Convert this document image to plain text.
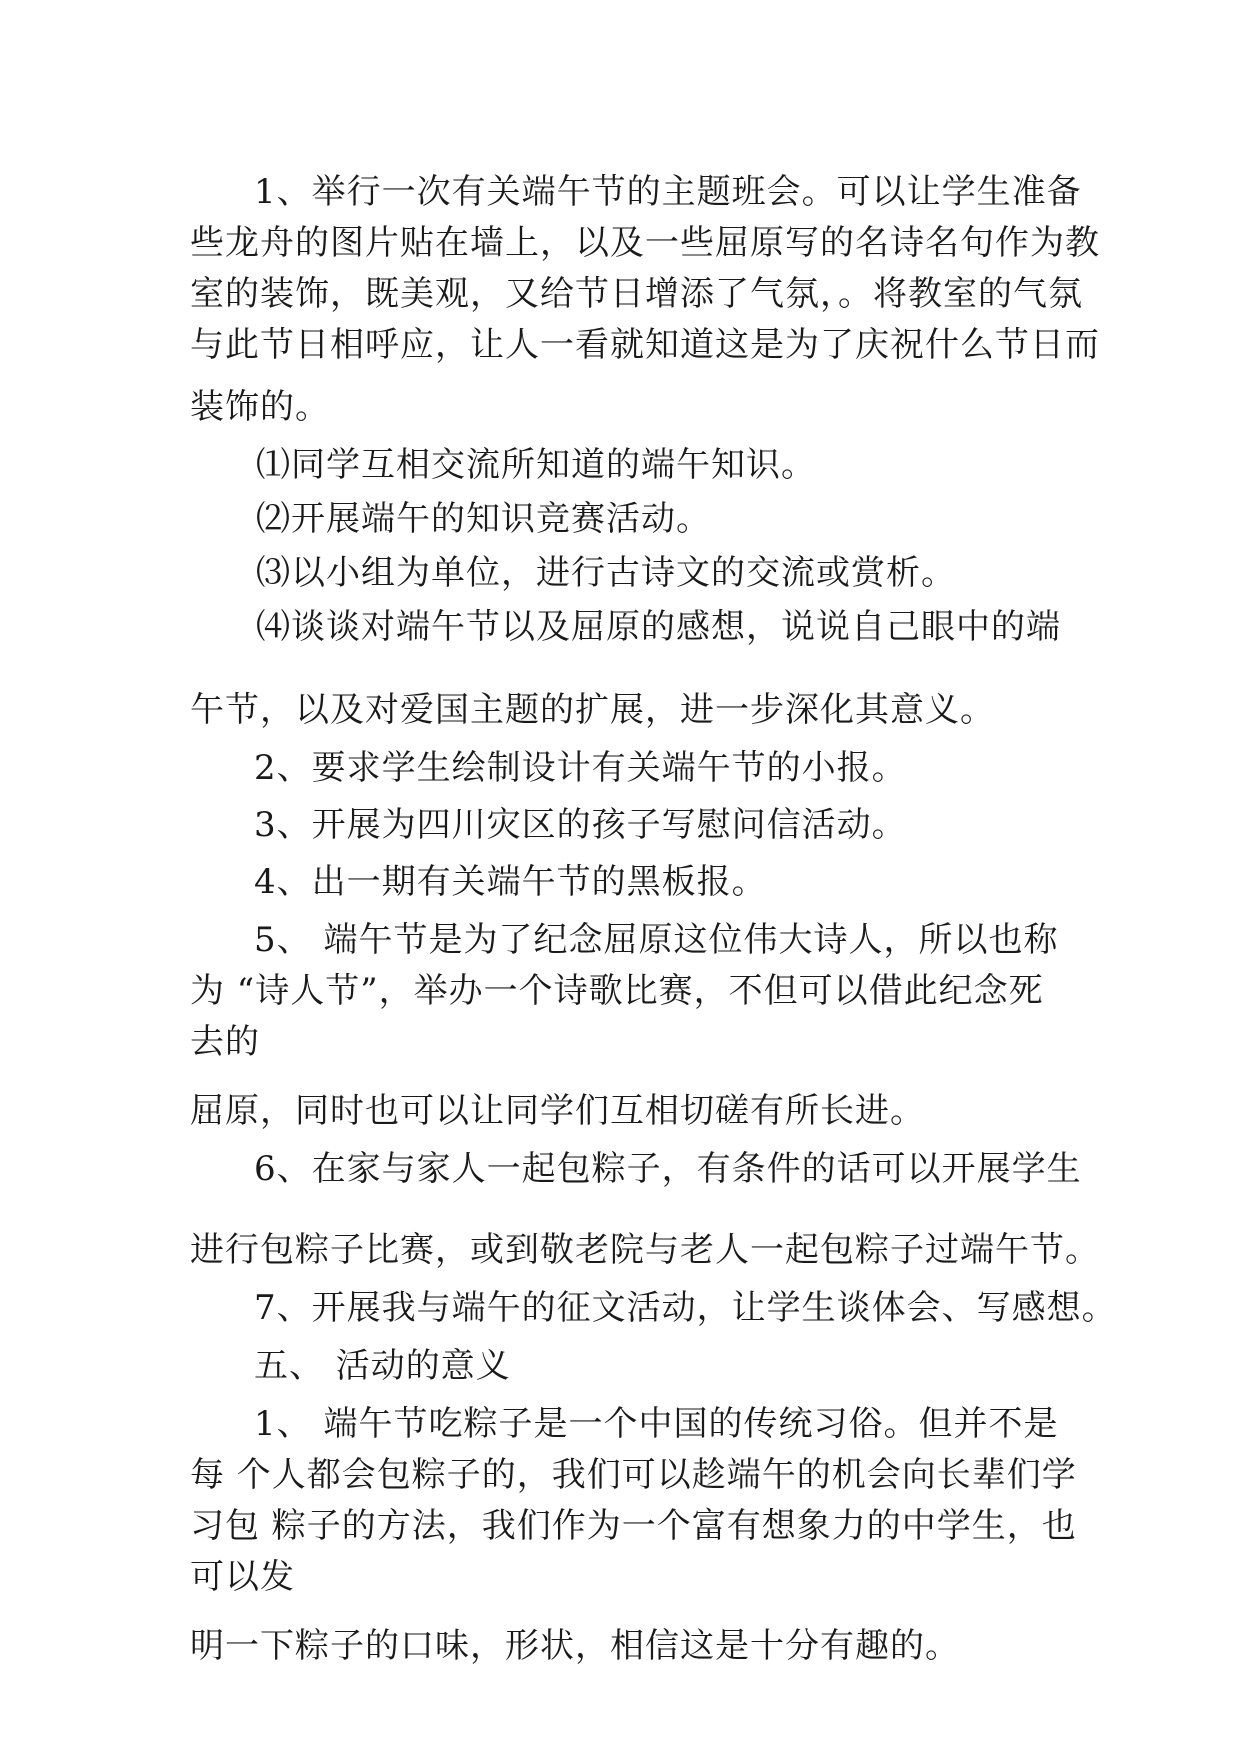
1、举行一次有关端午节的主题班会。可以让学生准备
些龙舟的图片贴在墙上，以及一些屈原写的名诗名句作为教
室的装饰，既美观，又给节日增添了气氛，。将教室的气氛
与此节日相呼应，让人一看就知道这是为了庆祝什么节日而
装饰的。
⑴同学互相交流所知道的端午知识。
⑵开展端午的知识竞赛活动。
⑶以小组为单位，进行古诗文的交流或赏析。
⑷谈谈对端午节以及屈原的感想，说说自己眼中的端
午节，以及对爱国主题的扩展，进一步深化其意义。
2、要求学生绘制设计有关端午节的小报。
3、开展为四川灾区的孩子写慰问信活动。
4、出一期有关端午节的黑板报。
5、 端午节是为了纪念屈原这位伟大诗人，所以也称
为 “诗人节”，举办一个诗歌比赛，不但可以借此纪念死
去的
屈原，同时也可以让同学们互相切磋有所长进。
6、在家与家人一起包粽子，有条件的话可以开展学生
进行包粽子比赛，或到敬老院与老人一起包粽子过端午节。
7、开展我与端午的征文活动，让学生谈体会、写感想。
五、 活动的意义
1、 端午节吃粽子是一个中国的传统习俗。但并不是
每 个人都会包粽子的，我们可以趁端午的机会向长辈们学
习包 粽子的方法，我们作为一个富有想象力的中学生，也
可以发
明一下粽子的口味，形状，相信这是十分有趣的。
